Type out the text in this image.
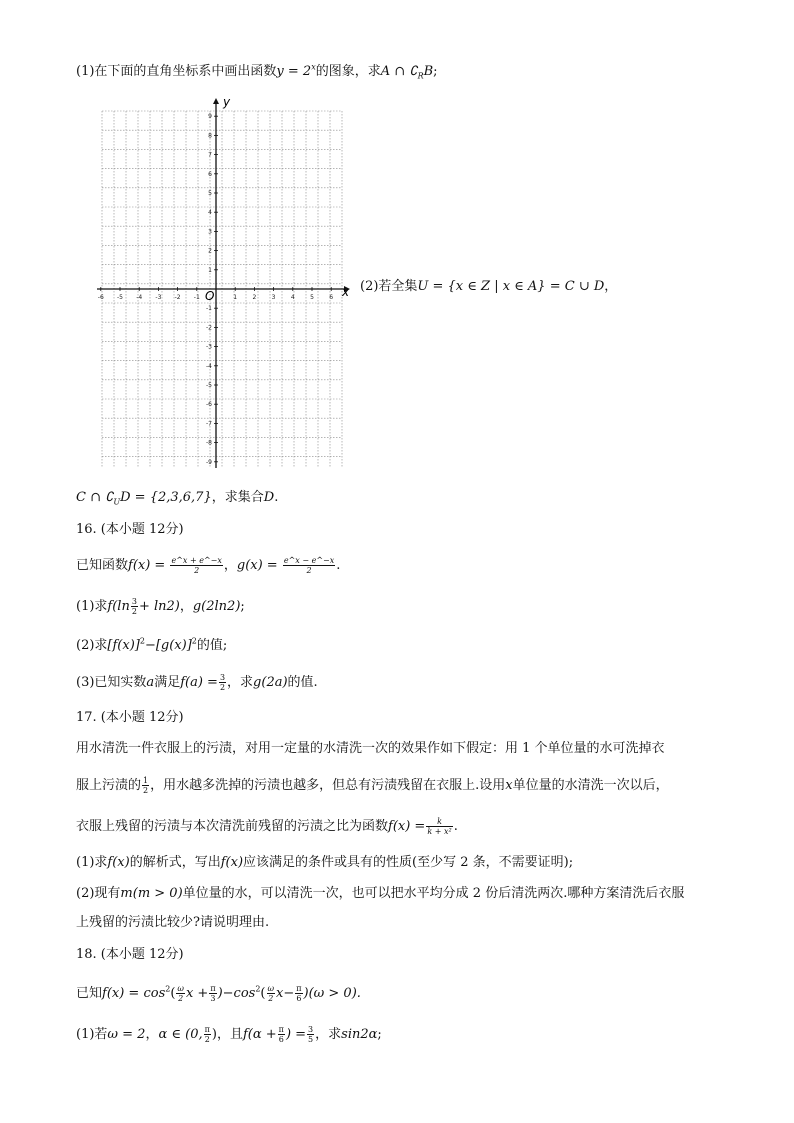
(1)在下面的直角坐标系中画出函数$y = 2^x$的图象，求A ∩ $∁_RB$;
x
y
O
-6 -5 -4 -3 -2 -1	1	2	3	4	5	6
9
8
7
6
5
4
3
2
1
-1
-2
-3
-4
-5
-6
-7
-8
-9
(2)若全集U = {x ∈ Z | x ∈ A} = C ∪ D，
C ∩ $∁_UD = \{2,3,6,7\}$，求集合D.
16. (本小题 12分)
已知函数$f(x) = \frac{e\^{}x + e\^{}-x}{2}$ ，$g(x) = \frac{e\^{}x - e\^{}-x}{2}$ .
(1)求$f(\ln \frac{3}{2} + \ln 2)$，g(2ln2);
(2)求$[f(x)]^2-[g(x)]^2$的值;
(3)已知实数a满足$f(a) = \frac{3}{2}$ ，求g(2a)的值.
17. (本小题 12分)
用水清洗一件衣服上的污渍，对用一定量的水清洗一次的效果作如下假定：用 1 个单位量的水可洗掉衣
服上污渍的 $\frac{1}{2}$ ，用水越多洗掉的污渍也越多，但总有污渍残留在衣服上.设用x单位量的水清洗一次以后，
衣服上残留的污渍与本次清洗前残留的污渍之比为函数$f(x) = \frac{k}{\text{k + x²}}$ .
(1)求f(x)的解析式，写出f(x)应该满足的条件或具有的性质(至少写 2 条，不需要证明);
(2)现有m(m > 0)单位量的水，可以清洗一次，也可以把水平均分成 2 份后清洗两次.哪种方案清洗后衣服
上残留的污渍比较少?请说明理由.
18. (本小题 12分)
已知$f(x) = \cos^2( \frac{\omega}{2}$ $x + \frac{\pi}{3} )-\cos^2( \frac{\omega}{2} x- \frac{\pi}{6} )(\omega > 0)$.
(1)若ω = 2，α ∈ (0, $\frac{\pi}{2}$ )，且$f(\alpha + \frac{\pi}{6}$ ) = $\frac{3}{5}$ ，求sin2α;
